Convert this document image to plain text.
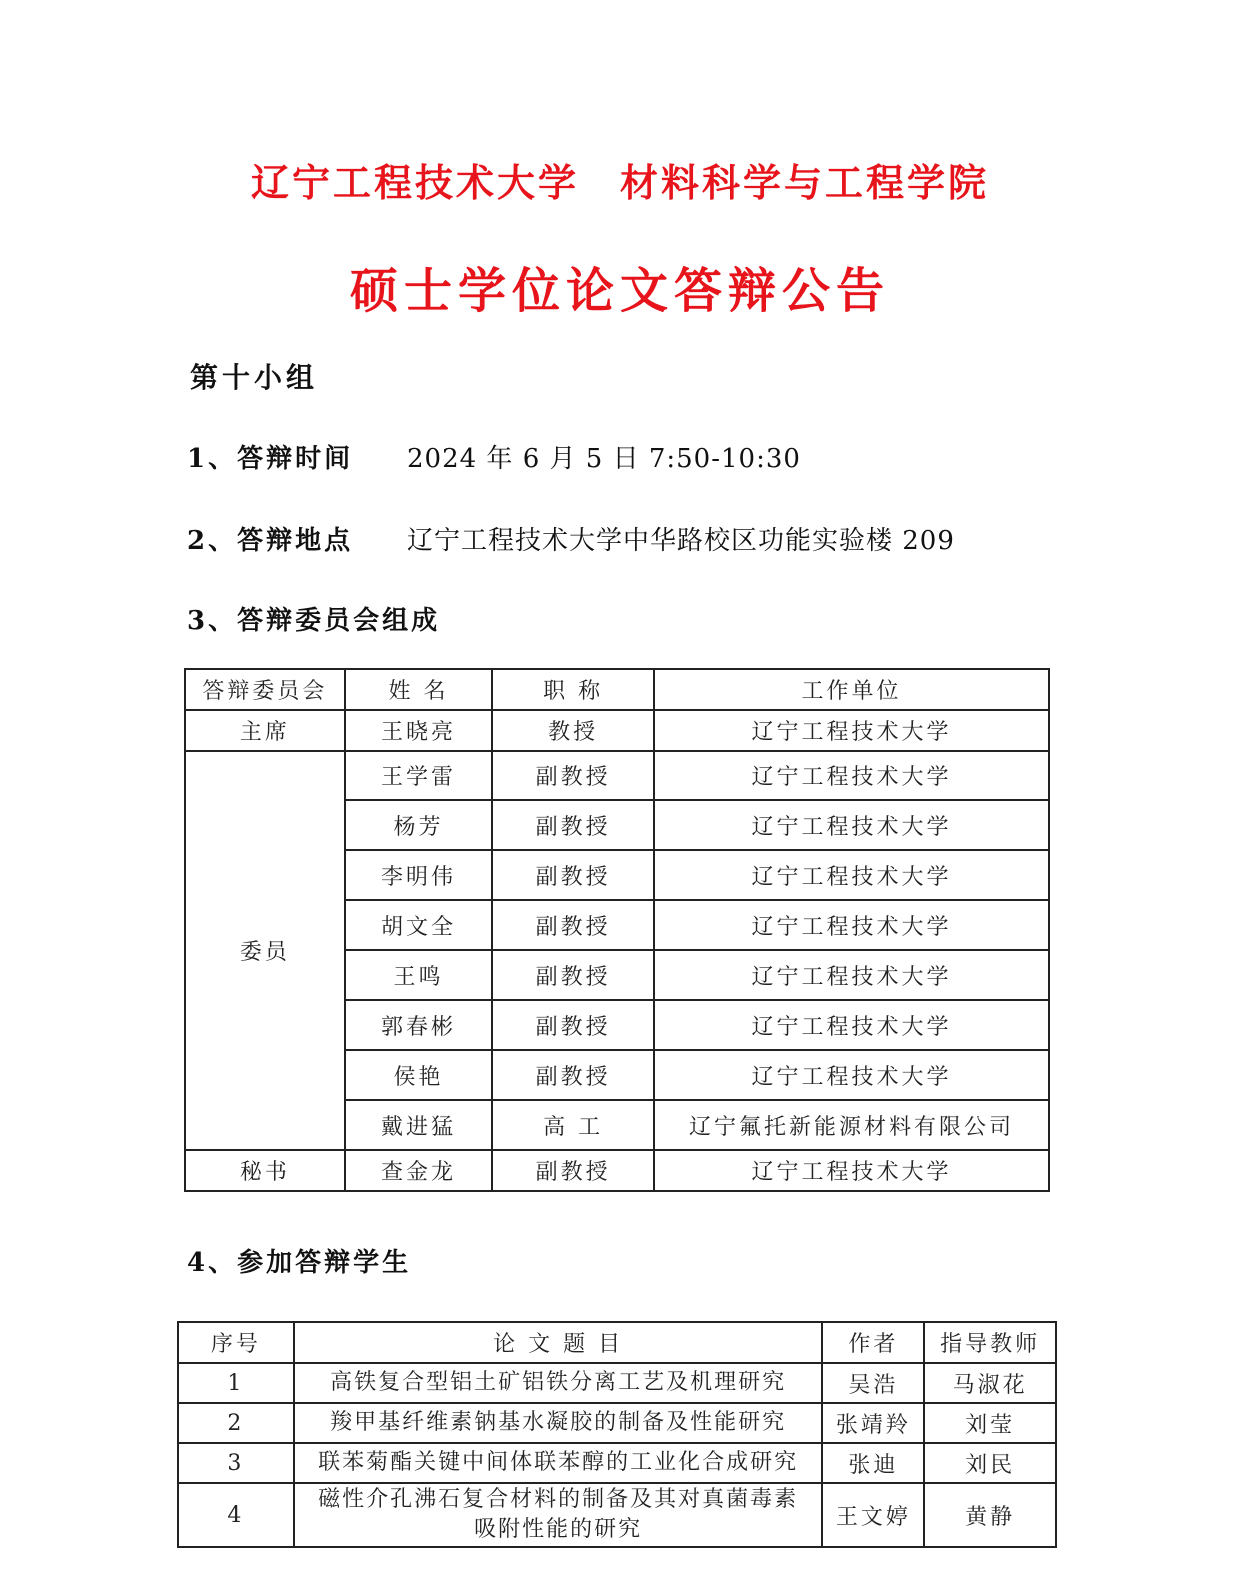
辽宁工程技术大学　材料科学与工程学院
硕士学位论文答辩公告
第十小组
1、答辩时间 2024 年 6 月 5 日 7:50-10:30
2、答辩地点 辽宁工程技术大学中华路校区功能实验楼 209
3、答辩委员会组成
答辩委员会	姓 名	职 称	工作单位
主席	王晓亮	教授	辽宁工程技术大学
委员	王学雷	副教授	辽宁工程技术大学
	杨芳	副教授	辽宁工程技术大学
	李明伟	副教授	辽宁工程技术大学
	胡文全	副教授	辽宁工程技术大学
	王鸣	副教授	辽宁工程技术大学
	郭春彬	副教授	辽宁工程技术大学
	侯艳	副教授	辽宁工程技术大学
	戴进猛	高 工	辽宁氟托新能源材料有限公司
秘书	查金龙	副教授	辽宁工程技术大学
4、参加答辩学生
序号	论 文 题 目	作者	指导教师
1	高铁复合型铝土矿铝铁分离工艺及机理研究	吴浩	马淑花
2	羧甲基纤维素钠基水凝胶的制备及性能研究	张靖羚	刘莹
3	联苯菊酯关键中间体联苯醇的工业化合成研究	张迪	刘民
4	磁性介孔沸石复合材料的制备及其对真菌毒素
吸附性能的研究	王文婷	黄静
